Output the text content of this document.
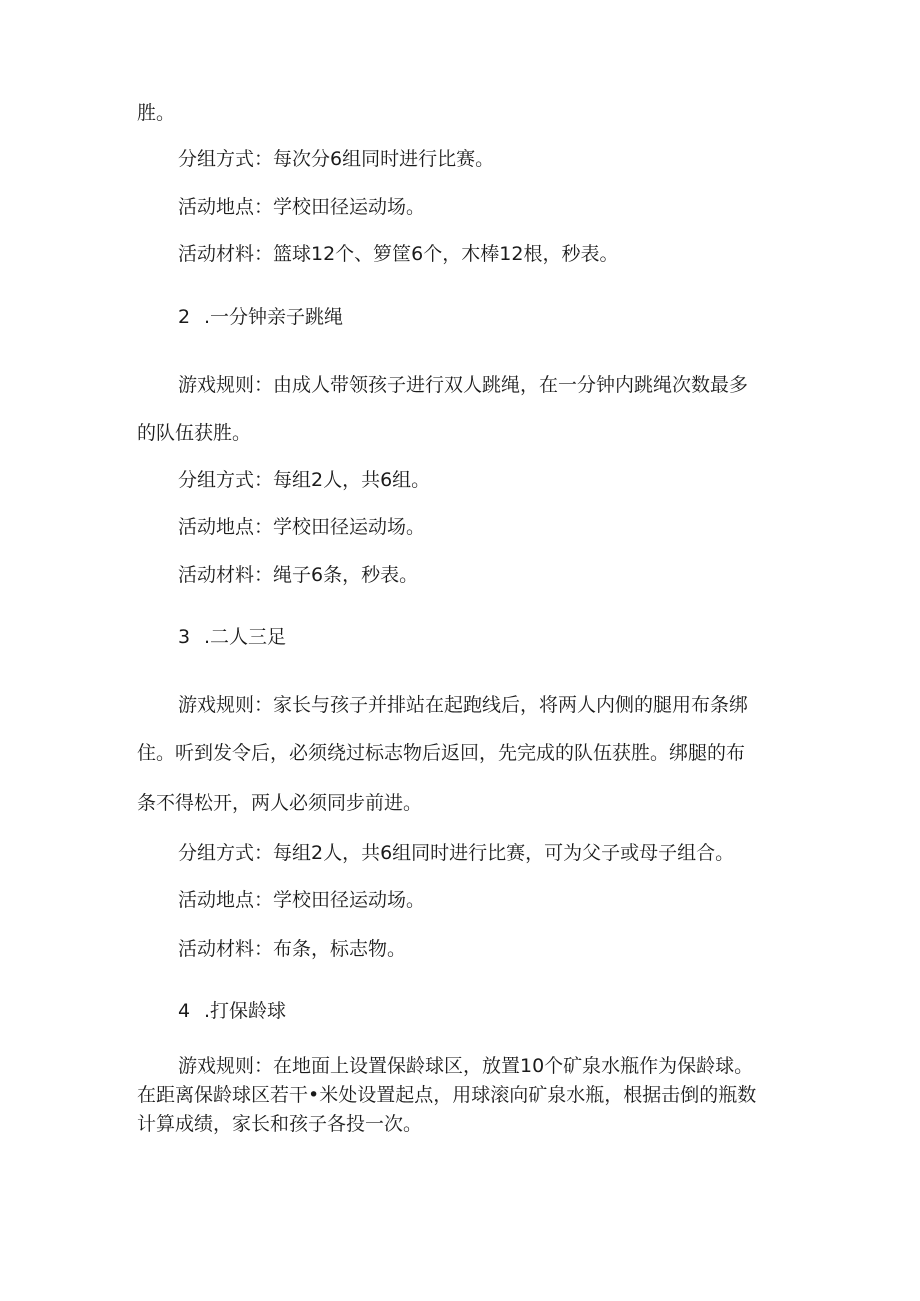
胜。

分组方式：每次分6组同时进行比赛。

活动地点：学校田径运动场。

活动材料：篮球12个、箩筐6个，木棒12根，秒表。

2 .一分钟亲子跳绳

游戏规则：由成人带领孩子进行双人跳绳，在一分钟内跳绳次数最多

的队伍获胜。

分组方式：每组2人，共6组。

活动地点：学校田径运动场。

活动材料：绳子6条，秒表。

3 .二人三足

游戏规则：家长与孩子并排站在起跑线后，将两人内侧的腿用布条绑

住。听到发令后，必须绕过标志物后返回，先完成的队伍获胜。绑腿的布

条不得松开，两人必须同步前进。

分组方式：每组2人，共6组同时进行比赛，可为父子或母子组合。

活动地点：学校田径运动场。

活动材料：布条，标志物。

4 .打保龄球

游戏规则：在地面上设置保龄球区，放置10个矿泉水瓶作为保龄球。

在距离保龄球区若干•米处设置起点，用球滚向矿泉水瓶，根据击倒的瓶数

计算成绩，家长和孩子各投一次。
